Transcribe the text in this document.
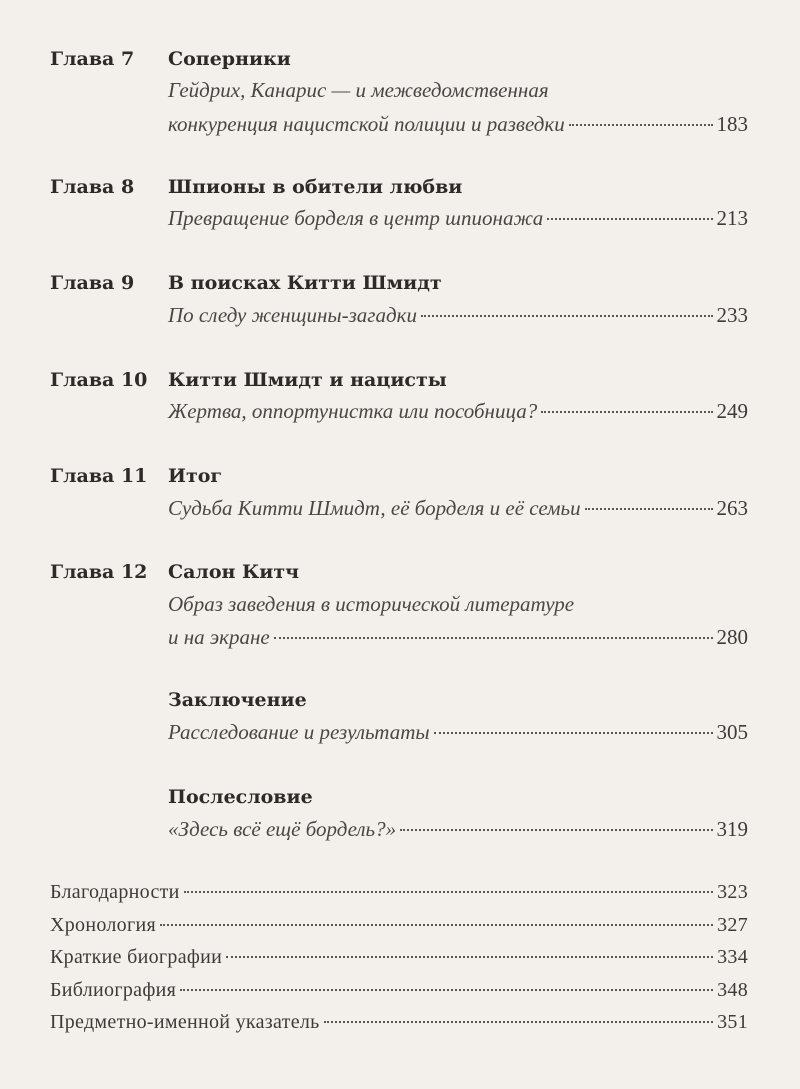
Глава 7 Соперники
Гейдрих, Канарис — и межведомственная
конкуренция нацистской полиции и разведки	183
Глава 8 Шпионы в обители любви
Превращение борделя в центр шпионажа	213
Глава 9 В поисках Китти Шмидт
По следу женщины-загадки	233
Глава 10 Китти Шмидт и нацисты
Жертва, оппортунистка или пособница?	249
Глава 11 Итог
Судьба Китти Шмидт, её борделя и её семьи	263
Глава 12 Салон Китч
Образ заведения в исторической литературе
и на экране	280
Заключение
Расследование и результаты	305
Послесловие
«Здесь всё ещё бордель?»	319
Благодарности	323
Хронология	327
Краткие биографии	334
Библиография	348
Предметно-именной указатель	351
